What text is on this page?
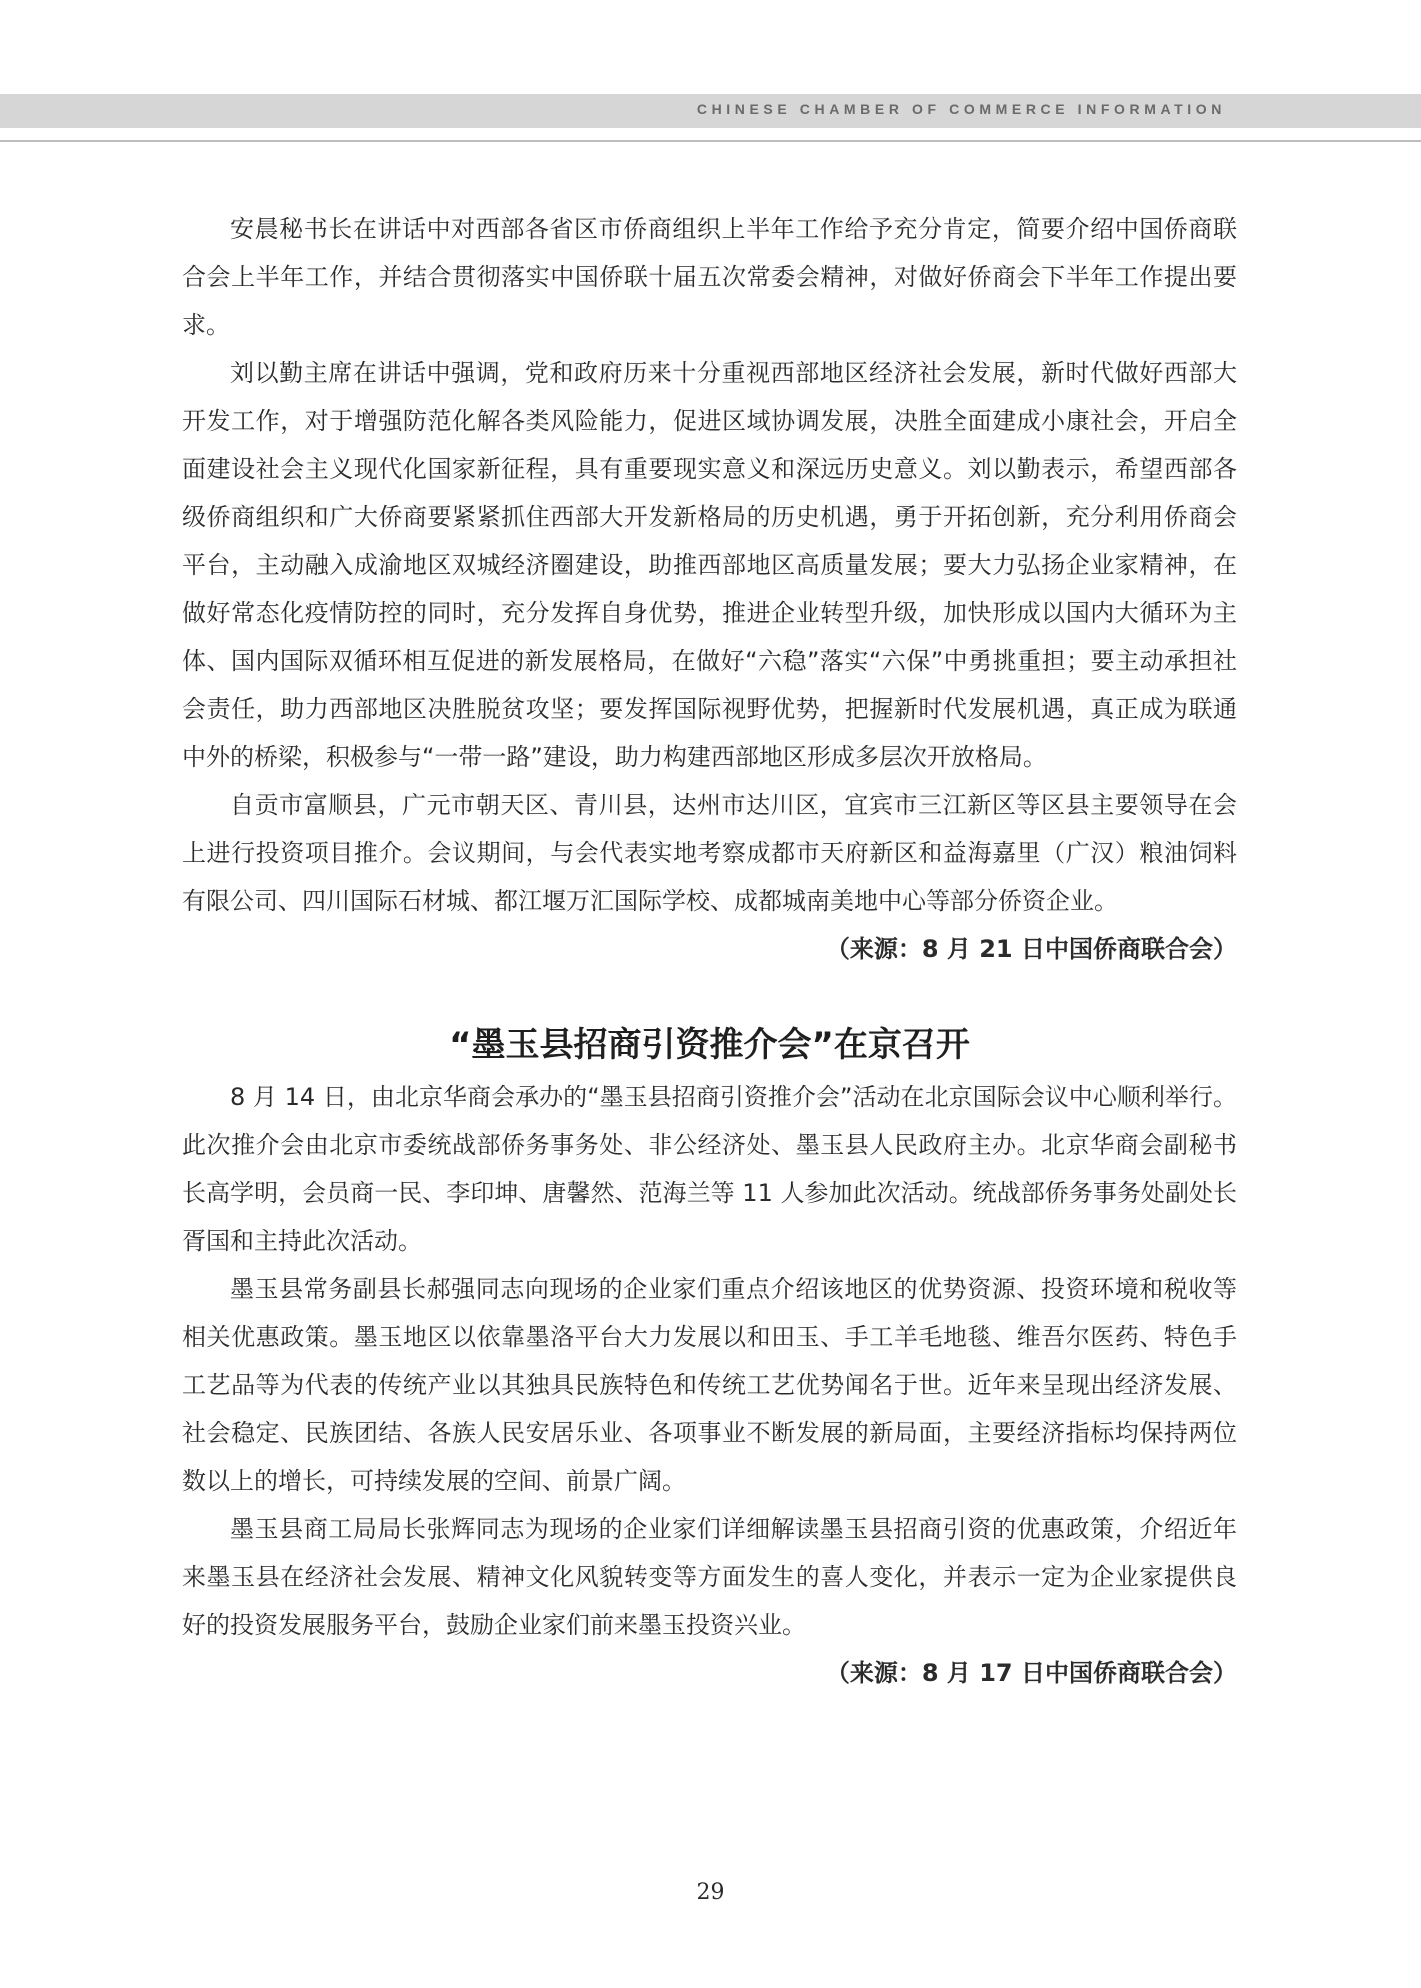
CHINESE CHAMBER OF COMMERCE INFORMATION

安晨秘书长在讲话中对西部各省区市侨商组织上半年工作给予充分肯定，简要介绍中国侨商联合会上半年工作，并结合贯彻落实中国侨联十届五次常委会精神，对做好侨商会下半年工作提出要求。

刘以勤主席在讲话中强调，党和政府历来十分重视西部地区经济社会发展，新时代做好西部大开发工作，对于增强防范化解各类风险能力，促进区域协调发展，决胜全面建成小康社会，开启全面建设社会主义现代化国家新征程，具有重要现实意义和深远历史意义。刘以勤表示，希望西部各级侨商组织和广大侨商要紧紧抓住西部大开发新格局的历史机遇，勇于开拓创新，充分利用侨商会平台，主动融入成渝地区双城经济圈建设，助推西部地区高质量发展；要大力弘扬企业家精神，在做好常态化疫情防控的同时，充分发挥自身优势，推进企业转型升级，加快形成以国内大循环为主体、国内国际双循环相互促进的新发展格局，在做好“六稳”落实“六保”中勇挑重担；要主动承担社会责任，助力西部地区决胜脱贫攻坚；要发挥国际视野优势，把握新时代发展机遇，真正成为联通中外的桥梁，积极参与“一带一路”建设，助力构建西部地区形成多层次开放格局。

自贡市富顺县，广元市朝天区、青川县，达州市达川区，宜宾市三江新区等区县主要领导在会上进行投资项目推介。会议期间，与会代表实地考察成都市天府新区和益海嘉里（广汉）粮油饲料有限公司、四川国际石材城、都江堰万汇国际学校、成都城南美地中心等部分侨资企业。

（来源：8 月 21 日中国侨商联合会）

“墨玉县招商引资推介会”在京召开

8 月 14 日，由北京华商会承办的“墨玉县招商引资推介会”活动在北京国际会议中心顺利举行。此次推介会由北京市委统战部侨务事务处、非公经济处、墨玉县人民政府主办。北京华商会副秘书长高学明，会员商一民、李印坤、唐馨然、范海兰等 11 人参加此次活动。统战部侨务事务处副处长胥国和主持此次活动。

墨玉县常务副县长郝强同志向现场的企业家们重点介绍该地区的优势资源、投资环境和税收等相关优惠政策。墨玉地区以依靠墨洛平台大力发展以和田玉、手工羊毛地毯、维吾尔医药、特色手工艺品等为代表的传统产业以其独具民族特色和传统工艺优势闻名于世。近年来呈现出经济发展、社会稳定、民族团结、各族人民安居乐业、各项事业不断发展的新局面，主要经济指标均保持两位数以上的增长，可持续发展的空间、前景广阔。

墨玉县商工局局长张辉同志为现场的企业家们详细解读墨玉县招商引资的优惠政策，介绍近年来墨玉县在经济社会发展、精神文化风貌转变等方面发生的喜人变化，并表示一定为企业家提供良好的投资发展服务平台，鼓励企业家们前来墨玉投资兴业。

（来源：8 月 17 日中国侨商联合会）

29
